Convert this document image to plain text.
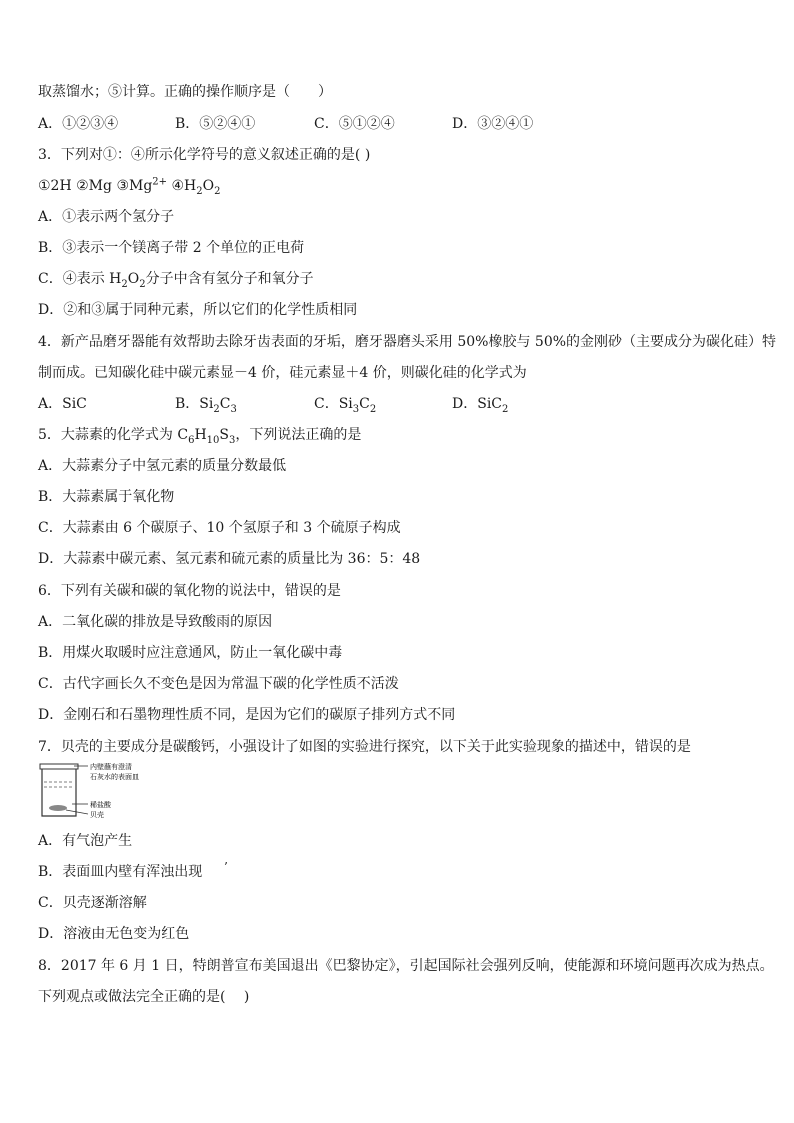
取蒸馏水；⑤计算。正确的操作顺序是（　　）
A．①②③④	B．⑤②④①	C．⑤①②④	D．③②④①
3．下列对①：④所示化学符号的意义叙述正确的是( )
①2H ②Mg $③Mg^{2+}$ $④H_2O_2$
A．①表示两个氢分子
B．③表示一个镁离子带 2 个单位的正电荷
C．④表示 $H_2O_2$分子中含有氢分子和氧分子
D．②和③属于同种元素，所以它们的化学性质相同
4．新产品磨牙器能有效帮助去除牙齿表面的牙垢，磨牙器磨头采用 50%橡胶与 50%的金刚砂（主要成分为碳化硅）特
制而成。已知碳化硅中碳元素显－4 价，硅元素显＋4 价，则碳化硅的化学式为
A．SiC	B．$Si_2C_3$	C．$Si_3C_2$	D．SiC$_2$
5．大蒜素的化学式为 $C_6H_{10}S_3$，下列说法正确的是
A．大蒜素分子中氢元素的质量分数最低
B．大蒜素属于氧化物
C．大蒜素由 6 个碳原子、10 个氢原子和 3 个硫原子构成
D．大蒜素中碳元素、氢元素和硫元素的质量比为 36：5：48
6．下列有关碳和碳的氧化物的说法中，错误的是
A．二氧化碳的排放是导致酸雨的原因
B．用煤火取暖时应注意通风，防止一氧化碳中毒
C．古代字画长久不变色是因为常温下碳的化学性质不活泼
D．金刚石和石墨物理性质不同，是因为它们的碳原子排列方式不同
7．贝壳的主要成分是碳酸钙，小强设计了如图的实验进行探究，以下关于此实验现象的描述中，错误的是
内壁蘸有澄清
石灰水的表面皿
稀盐酸
贝壳
A．有气泡产生
B．表面皿内壁有浑浊出现 ’
C．贝壳逐渐溶解
D．溶液由无色变为红色
8．2017 年 6 月 1 日，特朗普宣布美国退出《巴黎协定》，引起国际社会强列反响，使能源和环境问题再次成为热点。
下列观点或做法完全正确的是(　 )
